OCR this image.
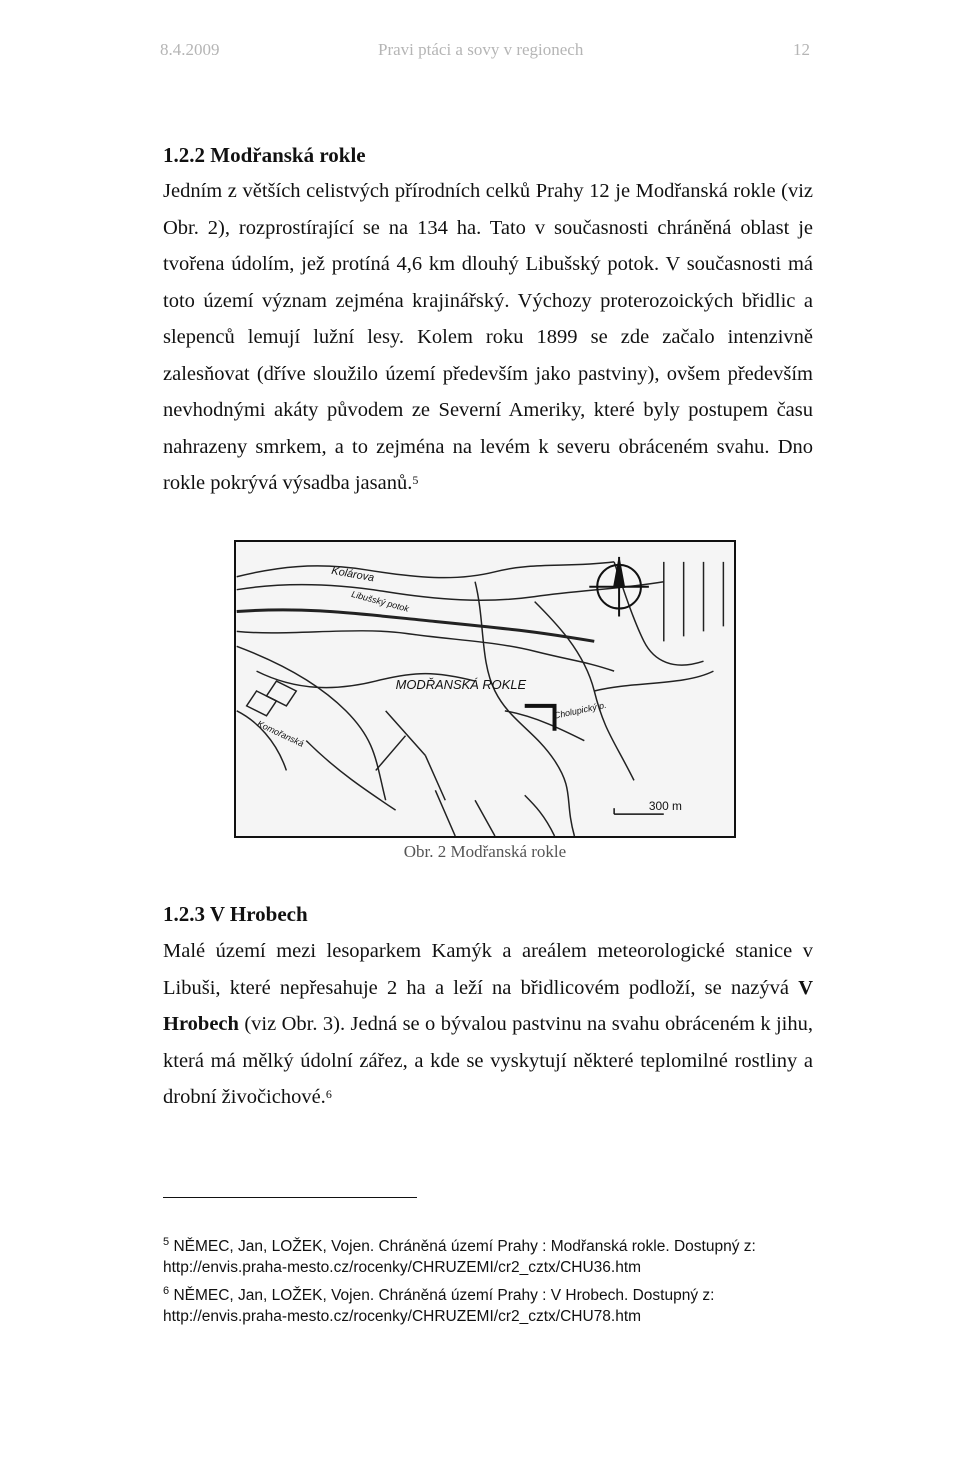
8.4.2009	Pravi ptáci a sovy v regionech	12
1.2.2 Modřanská rokle

Jedním z větších celistvých přírodních celků Prahy 12 je Modřanská rokle (viz Obr. 2), rozprostírající se na 134 ha. Tato v současnosti chráněná oblast je tvořena údolím, jež protíná 4,6 km dlouhý Libušský potok. V současnosti má toto území význam zejména krajinářský. Výchozy proterozoických břidlic a slepenců lemují lužní lesy. Kolem roku 1899 se zde začalo intenzivně zalesňovat (dříve sloužilo území především jako pastviny), ovšem především nevhodnými akáty původem ze Severní Ameriky, které byly postupem času nahrazeny smrkem, a to zejména na levém k severu obráceném svahu. Dno rokle pokrývá výsadba jasanů.$^5$

MODŘANSKÁ ROKLE
Kolárova
Libušský potok
Komořanská
Cholupický p.
300 m
Obr. 2 Modřanská rokle
1.2.3 V Hrobech

Malé území mezi lesoparkem Kamýk a areálem meteorologické stanice v Libuši, které nepřesahuje 2 ha a leží na břidlicovém podloží, se nazývá V Hrobech (viz Obr. 3). Jedná se o bývalou pastvinu na svahu obráceném k jihu, která má mělký údolní zářez, a kde se vyskytují některé teplomilné rostliny a drobní živočichové.$^6$

$^5$ NĚMEC, Jan, LOŽEK, Vojen. Chráněná území Prahy : Modřanská rokle. Dostupný z:
http://envis.praha-mesto.cz/rocenky/CHRUZEMI/cr2_cztx/CHU36.htm

$^6$ NĚMEC, Jan, LOŽEK, Vojen. Chráněná území Prahy : V Hrobech. Dostupný z:
http://envis.praha-mesto.cz/rocenky/CHRUZEMI/cr2_cztx/CHU78.htm
